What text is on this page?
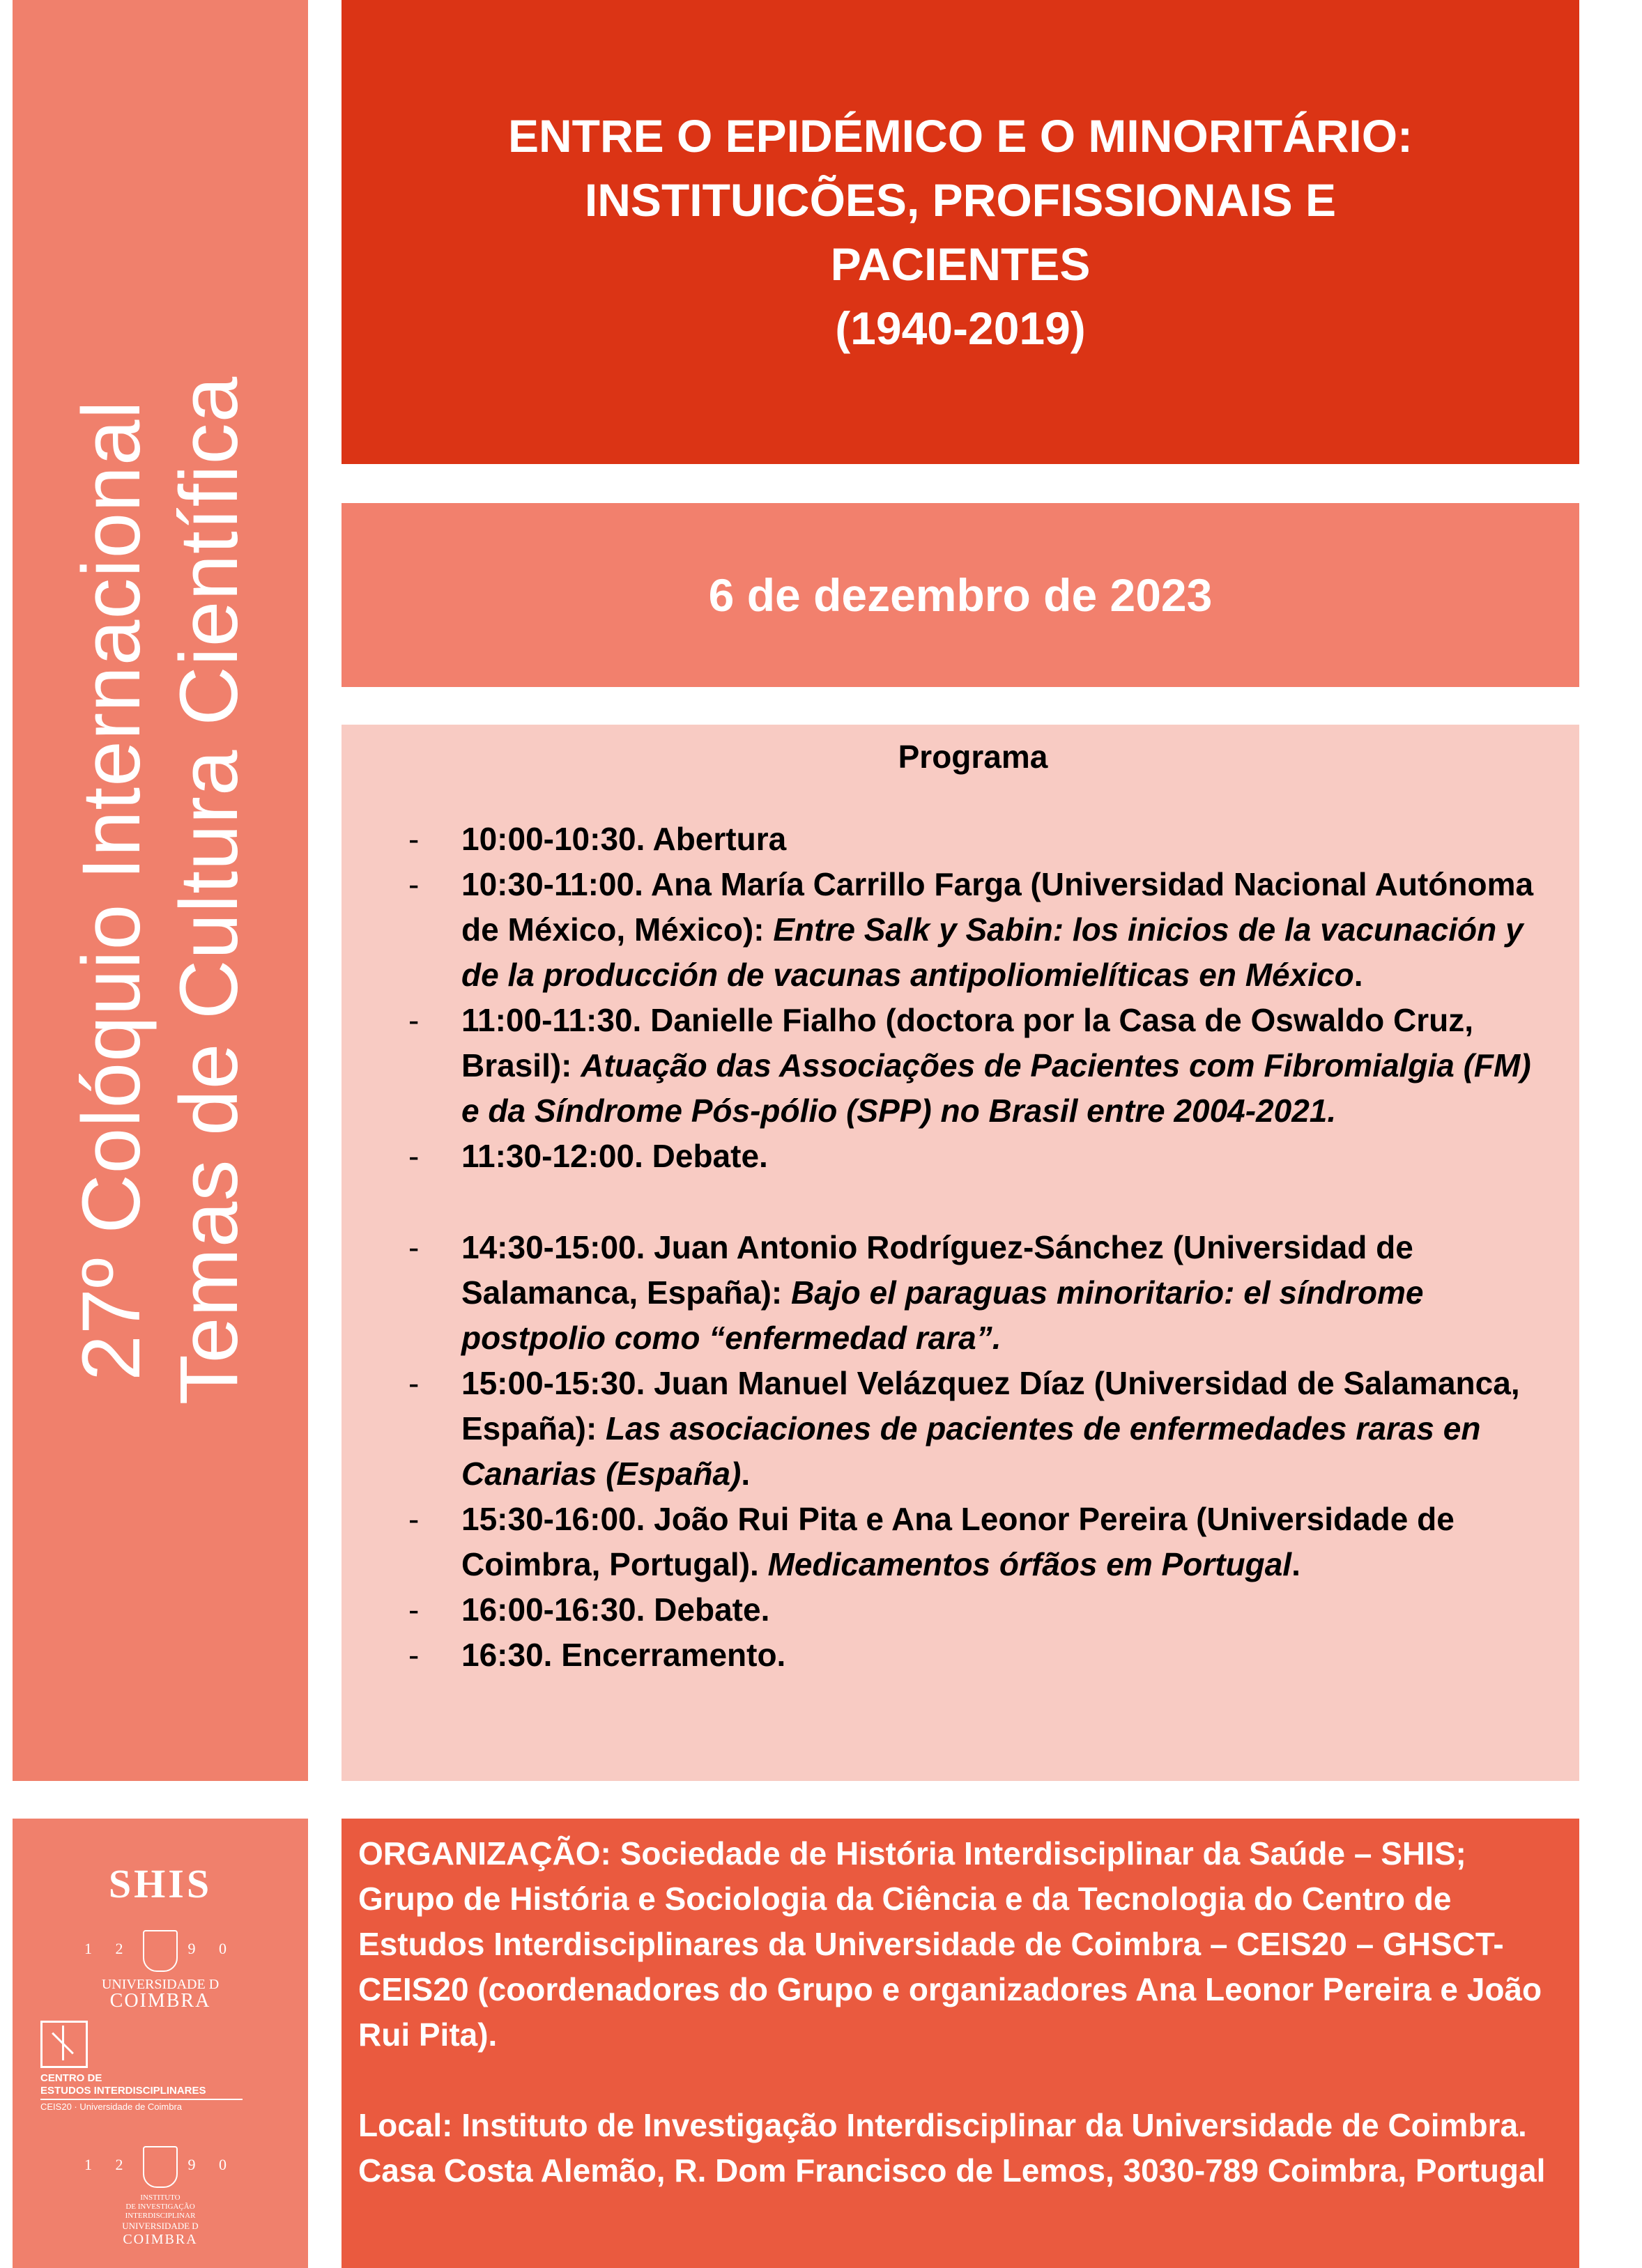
27º Colóquio Internacional Temas de Cultura Científica
SHIS
1 2	9 0
UNIVERSIDADE D
COIMBRA
CENTRO DE
ESTUDOS INTERDISCIPLINARES
CEIS20 · Universidade de Coimbra
1 2	9 0
INSTITUTO
DE INVESTIGAÇÃO
INTERDISCIPLINAR
UNIVERSIDADE D
COIMBRA
ENTRE O EPIDÉMICO E O MINORITÁRIO:
INSTITUICÕES, PROFISSIONAIS E
PACIENTES
(1940-2019)
6 de dezembro de 2023
Programa
- 10:00-10:30. Abertura
- 10:30-11:00. Ana María Carrillo Farga (Universidad Nacional Autónoma de México, México): Entre Salk y Sabin: los inicios de la vacunación y de la producción de vacunas antipoliomielíticas en México.
- 11:00-11:30. Danielle Fialho (doctora por la Casa de Oswaldo Cruz, Brasil): Atuação das Associações de Pacientes com Fibromialgia (FM) e da Síndrome Pós-pólio (SPP) no Brasil entre 2004-2021.
- 11:30-12:00. Debate.
- 14:30-15:00. Juan Antonio Rodríguez-Sánchez (Universidad de Salamanca, España): Bajo el paraguas minoritario: el síndrome postpolio como “enfermedad rara”.
- 15:00-15:30. Juan Manuel Velázquez Díaz (Universidad de Salamanca, España): Las asociaciones de pacientes de enfermedades raras en Canarias (España).
- 15:30-16:00. João Rui Pita e Ana Leonor Pereira (Universidade de Coimbra, Portugal). Medicamentos órfãos em Portugal.
- 16:00-16:30. Debate.
- 16:30. Encerramento.
ORGANIZAÇÃO: Sociedade de História Interdisciplinar da Saúde – SHIS; Grupo de História e Sociologia da Ciência e da Tecnologia do Centro de Estudos Interdisciplinares da Universidade de Coimbra – CEIS20 – GHSCT-CEIS20 (coordenadores do Grupo e organizadores Ana Leonor Pereira e João Rui Pita).
Local: Instituto de Investigação Interdisciplinar da Universidade de Coimbra. Casa Costa Alemão, R. Dom Francisco de Lemos, 3030-789 Coimbra, Portugal
